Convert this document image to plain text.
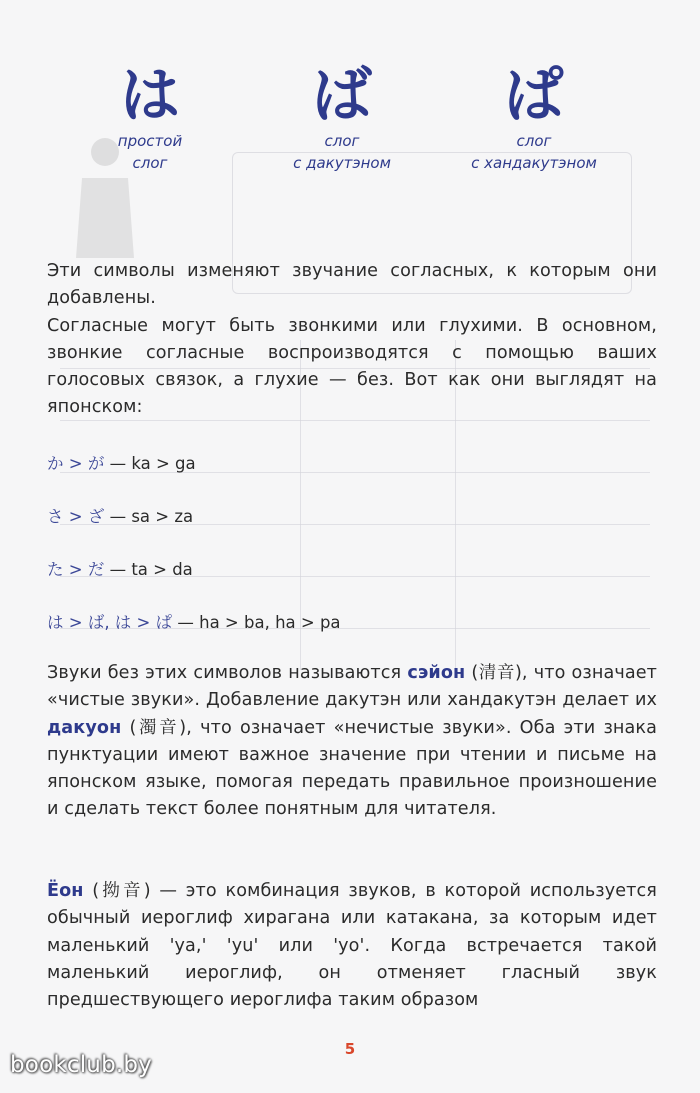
は
простой
слог
ば
слог
с дакутэном
ぱ
слог
с хандакутэном

Эти символы изменяют звучание согласных, к которым они добавлены.

Согласные могут быть звонкими или глухими. В основном, звонкие согласные воспроизводятся с помощью ваших голосовых связок, а глухие — без. Вот как они выглядят на японском:

か > が — ka > ga
さ > ざ — sa > za
た > だ — ta > da
は > ば, は > ぱ — ha > ba, ha > pa

Звуки без этих символов называются сэйон (清音), что означает «чистые звуки». Добавление дакутэн или хандакутэн делает их дакуон (濁音), что означает «нечистые звуки». Оба эти знака пунктуации имеют важное значение при чтении и письме на японском языке, помогая передать правильное произношение и сделать текст более понятным для читателя.

Ёон (拗音) — это комбинация звуков, в которой используется обычный иероглиф хирагана или катакана, за которым идет маленький 'ya,' 'yu' или 'yo'. Когда встречается такой маленький иероглиф, он отменяет гласный звук предшествующего иероглифа таким образом

5
bookclub.by
